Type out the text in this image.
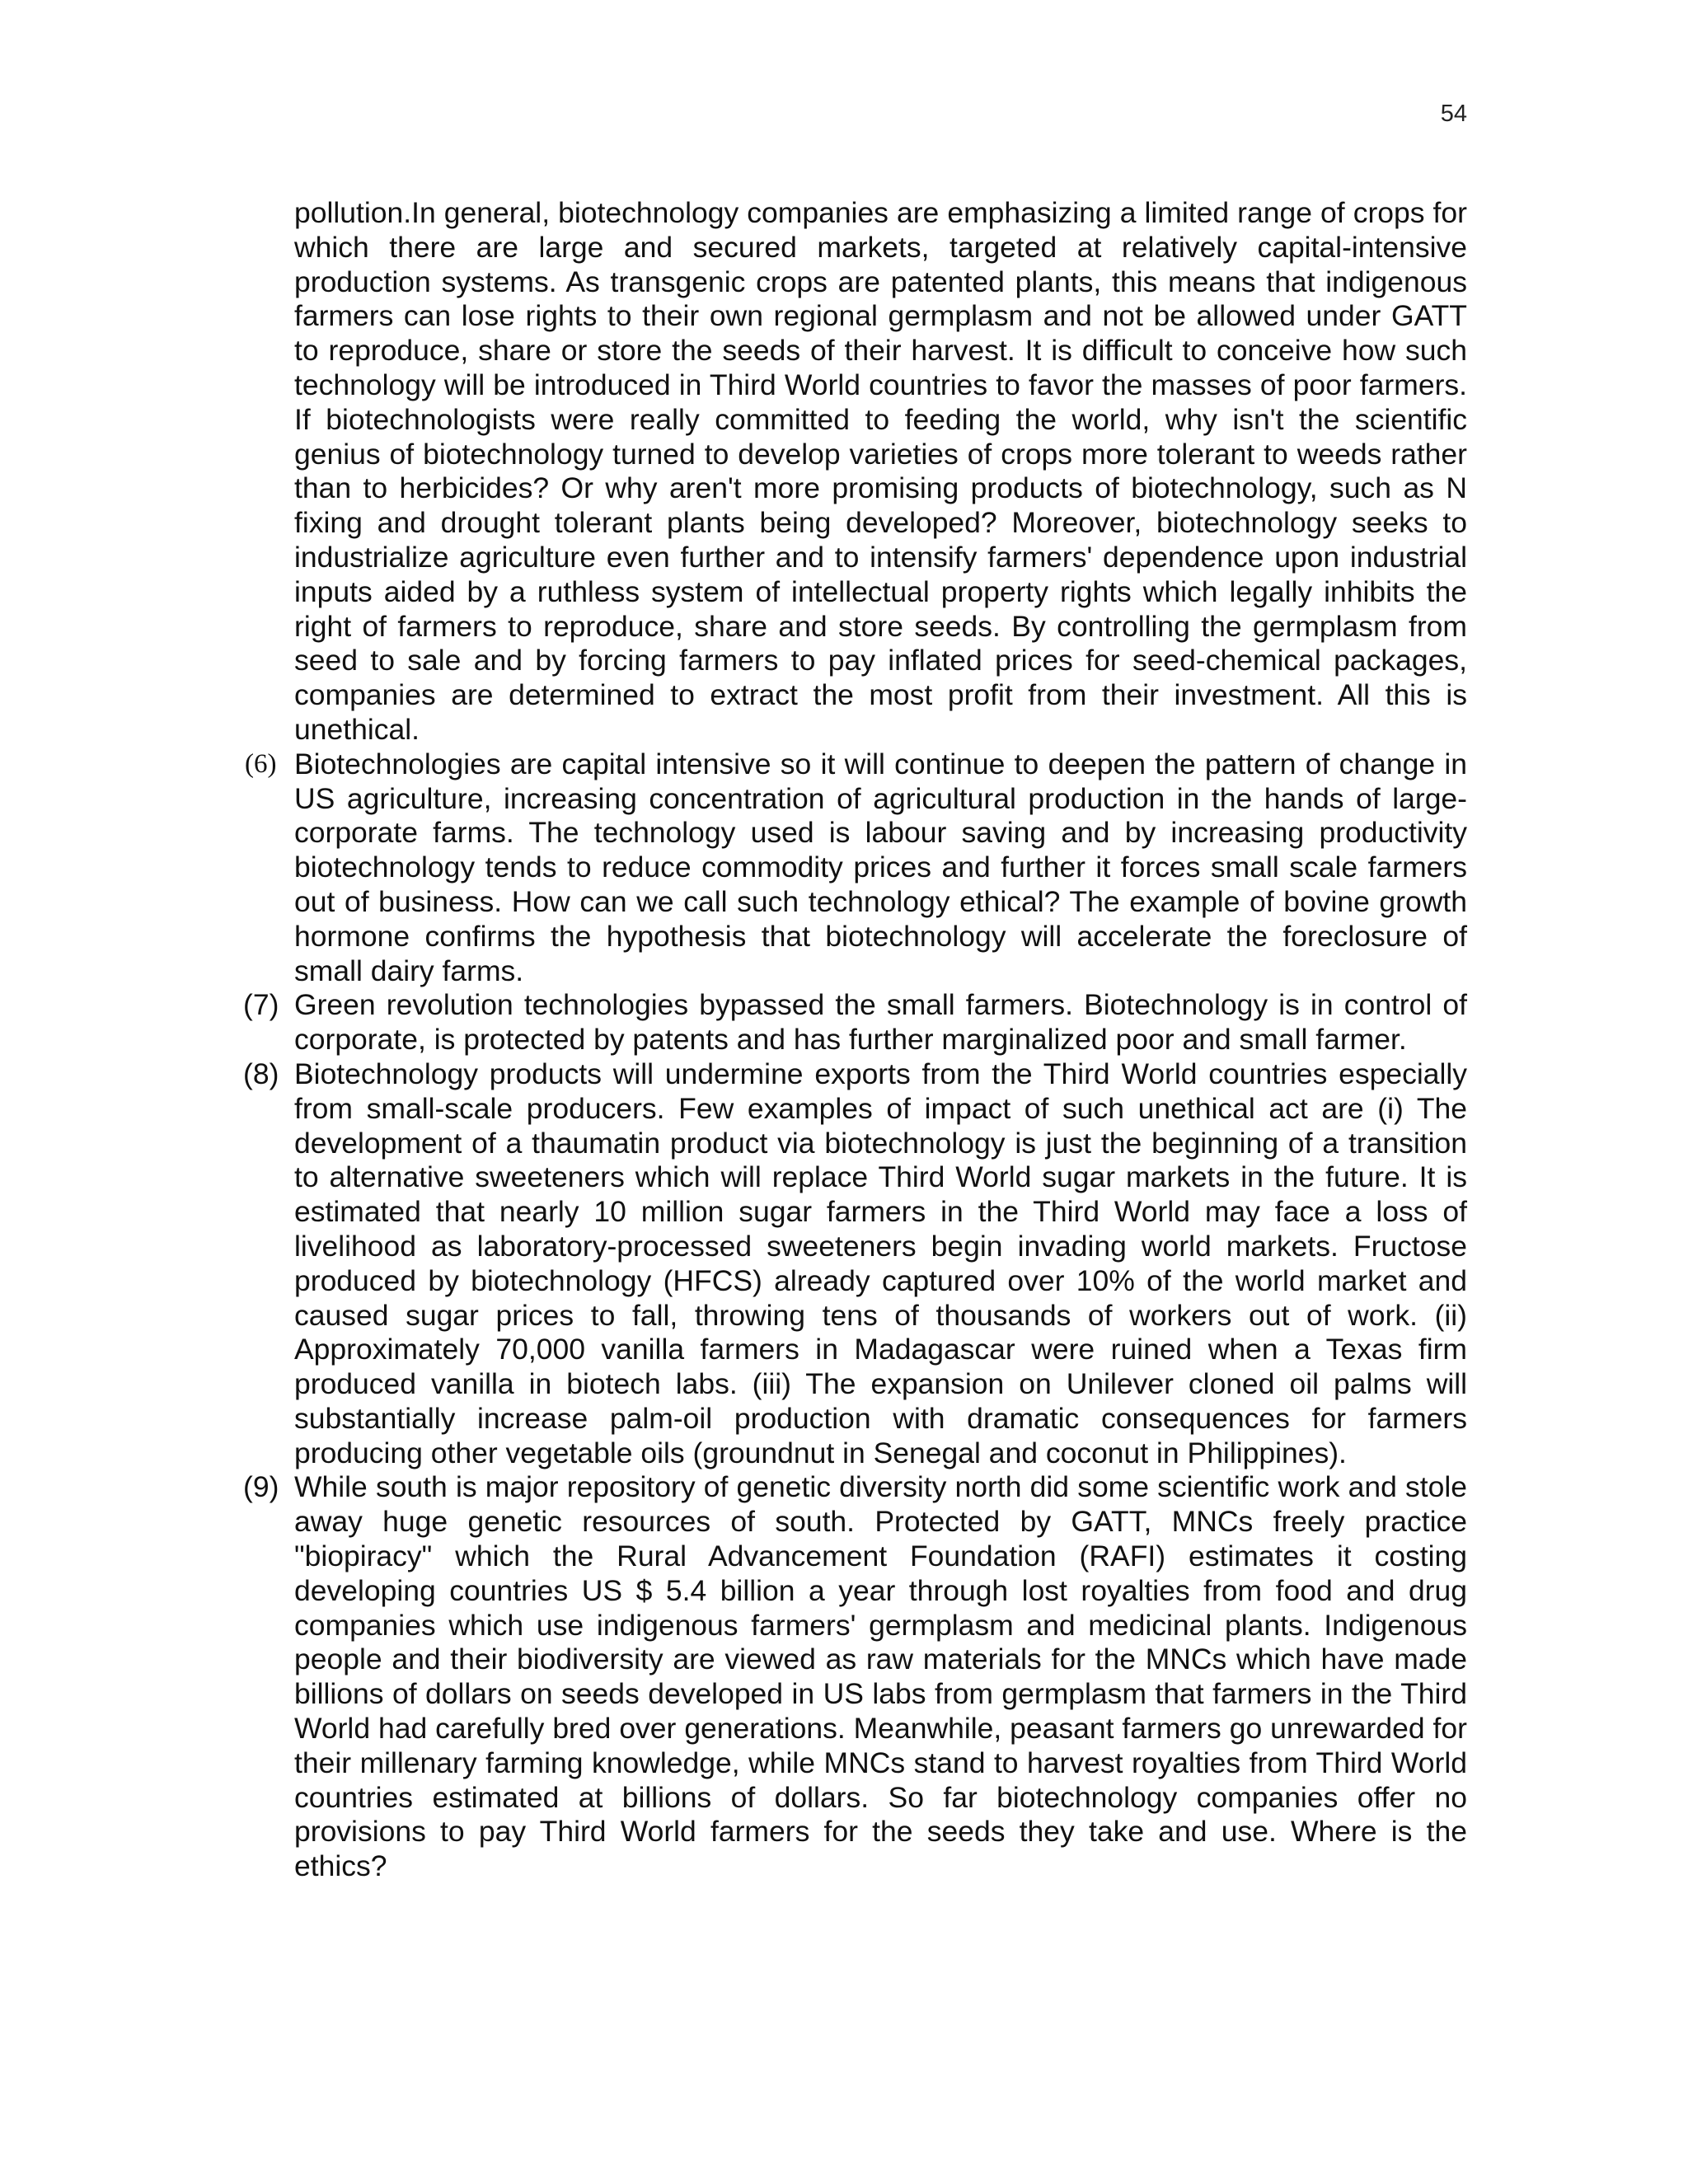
54

pollution.In general, biotechnology companies are emphasizing a limited range of crops for which there are large and secured markets, targeted at relatively capital-intensive production systems. As transgenic crops are patented plants, this means that indigenous farmers can lose rights to their own regional germplasm and not be allowed under GATT to reproduce, share or store the seeds of their harvest. It is difficult to conceive how such technology will be introduced in Third World countries to favor the masses of poor farmers. If biotechnologists were really committed to feeding the world, why isn't the scientific genius of biotechnology turned to develop varieties of crops more tolerant to weeds rather than to herbicides? Or why aren't more promising products of biotechnology, such as N fixing and drought tolerant plants being developed? Moreover, biotechnology seeks to industrialize agriculture even further and to intensify farmers' dependence upon industrial inputs aided by a ruthless system of intellectual property rights which legally inhibits the right of farmers to reproduce, share and store seeds. By controlling the germplasm from seed to sale and by forcing farmers to pay inflated prices for seed-chemical packages, companies are determined to extract the most profit from their investment. All this is unethical.

(6) Biotechnologies are capital intensive so it will continue to deepen the pattern of change in US agriculture, increasing concentration of agricultural production in the hands of large-corporate farms. The technology used is labour saving and by increasing productivity biotechnology tends to reduce commodity prices and further it forces small scale farmers out of business. How can we call such technology ethical? The example of bovine growth hormone confirms the hypothesis that biotechnology will accelerate the foreclosure of small dairy farms.
(7) Green revolution technologies bypassed the small farmers. Biotechnology is in control of corporate, is protected by patents and has further marginalized poor and small farmer.
(8) Biotechnology products will undermine exports from the Third World countries especially from small-scale producers. Few examples of impact of such unethical act are (i) The development of a thaumatin product via biotechnology is just the beginning of a transition to alternative sweeteners which will replace Third World sugar markets in the future. It is estimated that nearly 10 million sugar farmers in the Third World may face a loss of livelihood as laboratory-processed sweeteners begin invading world markets. Fructose produced by biotechnology (HFCS) already captured over 10% of the world market and caused sugar prices to fall, throwing tens of thousands of workers out of work. (ii) Approximately 70,000 vanilla farmers in Madagascar were ruined when a Texas firm produced vanilla in biotech labs. (iii) The expansion on Unilever cloned oil palms will substantially increase palm-oil production with dramatic consequences for farmers producing other vegetable oils (groundnut in Senegal and coconut in Philippines).
(9) While south is major repository of genetic diversity north did some scientific work and stole away huge genetic resources of south. Protected by GATT, MNCs freely practice "biopiracy" which the Rural Advancement Foundation (RAFI) estimates it costing developing countries US $ 5.4 billion a year through lost royalties from food and drug companies which use indigenous farmers' germplasm and medicinal plants. Indigenous people and their biodiversity are viewed as raw materials for the MNCs which have made billions of dollars on seeds developed in US labs from germplasm that farmers in the Third World had carefully bred over generations. Meanwhile, peasant farmers go unrewarded for their millenary farming knowledge, while MNCs stand to harvest royalties from Third World countries estimated at billions of dollars. So far biotechnology companies offer no provisions to pay Third World farmers for the seeds they take and use. Where is the ethics?
